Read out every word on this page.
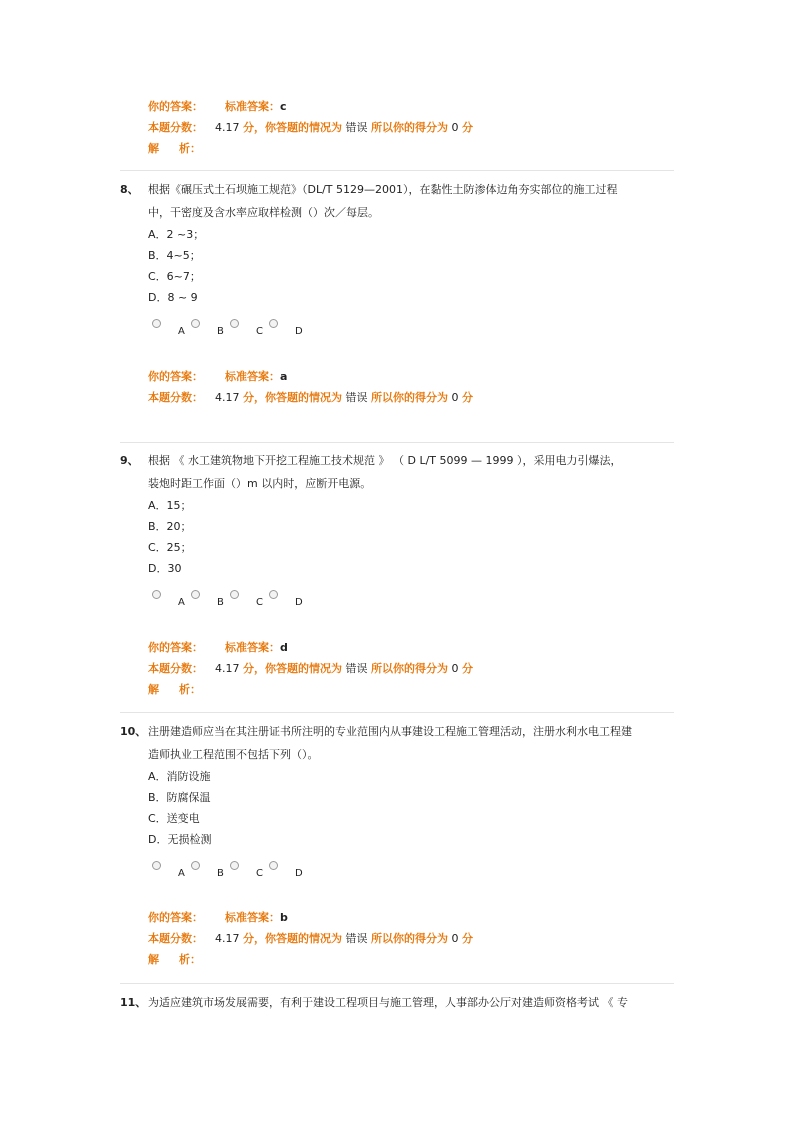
你的答案： 标准答案：c
本题分数： 4.17 分，你答题的情况为 错误 所以你的得分为 0 分
解 析：
8、 根据《碾压式土石坝施工规范》（DL/T 5129—2001），在黏性土防渗体边角夯实部位的施工过程
中，干密度及含水率应取样检测（）次／每层。
A．2 ~3；
B．4~5；
C．6~7；
D．8 ~ 9
A	B	C	D
你的答案： 标准答案：a
本题分数： 4.17 分，你答题的情况为 错误 所以你的得分为 0 分
9、 根据 《 水工建筑物地下开挖工程施工技术规范 》 （ D L/T 5099 — 1999 ），采用电力引爆法，
装炮时距工作面（）m 以内时，应断开电源。
A．15；
B．20；
C．25；
D．30
A	B	C	D
你的答案： 标准答案：d
本题分数： 4.17 分，你答题的情况为 错误 所以你的得分为 0 分
解 析：
10、 注册建造师应当在其注册证书所注明的专业范围内从事建设工程施工管理活动，注册水利水电工程建
造师执业工程范围不包括下列（）。
A．消防设施
B．防腐保温
C．送变电
D．无损检测
A	B	C	D
你的答案： 标准答案：b
本题分数： 4.17 分，你答题的情况为 错误 所以你的得分为 0 分
解 析：
11、 为适应建筑市场发展需要，有利于建设工程项目与施工管理，人事部办公厅对建造师资格考试 《 专
